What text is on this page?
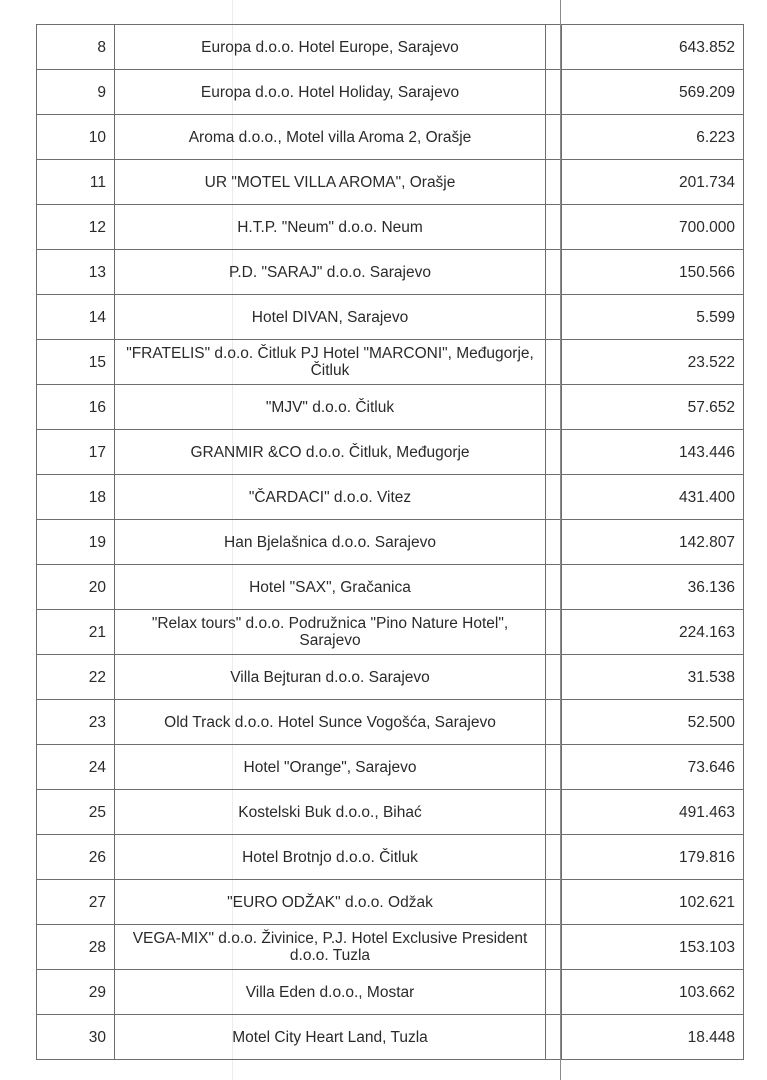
8	Europa d.o.o. Hotel Europe, Sarajevo		643.852
9	Europa d.o.o. Hotel Holiday, Sarajevo		569.209
10	Aroma d.o.o., Motel villa Aroma 2, Orašje		6.223
11	UR "MOTEL VILLA AROMA", Orašje		201.734
12	H.T.P. "Neum" d.o.o. Neum		700.000
13	P.D. "SARAJ" d.o.o. Sarajevo		150.566
14	Hotel DIVAN, Sarajevo		5.599
15	"FRATELIS" d.o.o. Čitluk PJ Hotel "MARCONI", Međugorje, Čitluk		23.522
16	"MJV" d.o.o. Čitluk		57.652
17	GRANMIR &CO d.o.o. Čitluk, Međugorje		143.446
18	"ČARDACI" d.o.o. Vitez		431.400
19	Han Bjelašnica d.o.o. Sarajevo		142.807
20	Hotel "SAX", Gračanica		36.136
21	"Relax tours" d.o.o. Podružnica "Pino Nature Hotel", Sarajevo		224.163
22	Villa Bejturan d.o.o. Sarajevo		31.538
23	Old Track d.o.o. Hotel Sunce Vogošća, Sarajevo		52.500
24	Hotel "Orange", Sarajevo		73.646
25	Kostelski Buk d.o.o., Bihać		491.463
26	Hotel Brotnjo d.o.o. Čitluk		179.816
27	"EURO ODŽAK" d.o.o. Odžak		102.621
28	VEGA-MIX" d.o.o. Živinice, P.J. Hotel Exclusive President d.o.o. Tuzla		153.103
29	Villa Eden d.o.o., Mostar		103.662
30	Motel City Heart Land, Tuzla		18.448
